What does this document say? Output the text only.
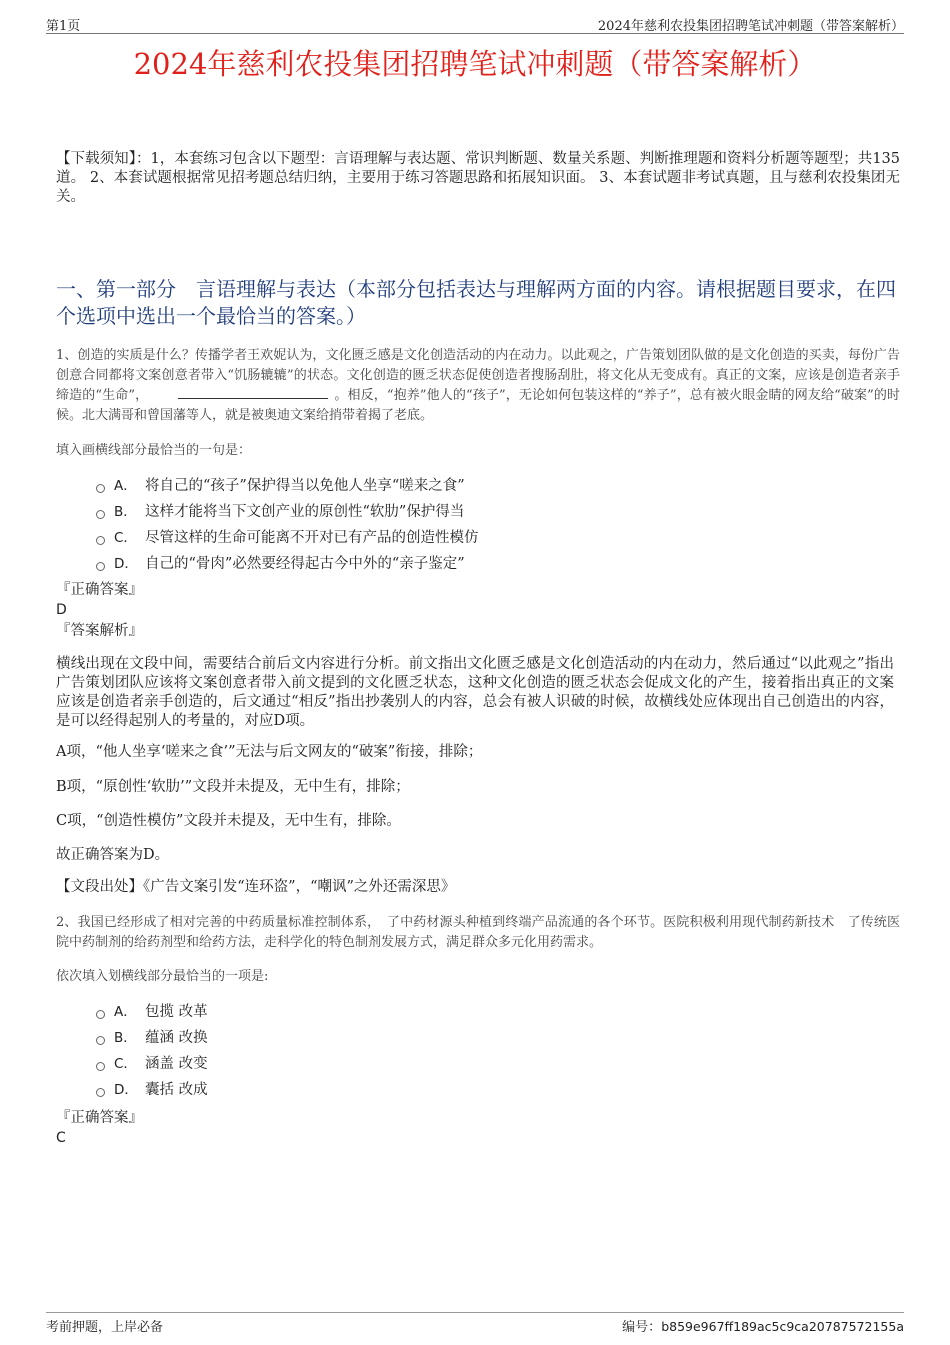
第1页	2024年慈利农投集团招聘笔试冲刺题（带答案解析）
2024年慈利农投集团招聘笔试冲刺题（带答案解析）
【下载须知】：1，本套练习包含以下题型：言语理解与表达题、常识判断题、数量关系题、判断推理题和资料分析题等题型；共135道。 2、本套试题根据常见招考题总结归纳，主要用于练习答题思路和拓展知识面。 3、本套试题非考试真题，且与慈利农投集团无关。
一、第一部分　言语理解与表达（本部分包括表达与理解两方面的内容。请根据题目要求，在四个选项中选出一个最恰当的答案。）
1、创造的实质是什么？传播学者王欢妮认为，文化匮乏感是文化创造活动的内在动力。以此观之，广告策划团队做的是文化创造的买卖，每份广告创意合同都将文案创意者带入“饥肠辘辘”的状态。文化创造的匮乏状态促使创造者搜肠刮肚，将文化从无变成有。真正的文案，应该是创造者亲手缔造的“生命”，	。相反，“抱养”他人的“孩子”，无论如何包装这样的“养子”，总有被火眼金睛的网友给“破案”的时候。北大满哥和曾国藩等人，就是被奥迪文案给捎带着揭了老底。
填入画横线部分最恰当的一句是：
A． 将自己的“孩子”保护得当以免他人坐享“嗟来之食”
B． 这样才能将当下文创产业的原创性“软肋”保护得当
C． 尽管这样的生命可能离不开对已有产品的创造性模仿
D． 自己的“骨肉”必然要经得起古今中外的“亲子鉴定”
『正确答案』
D
『答案解析』
横线出现在文段中间，需要结合前后文内容进行分析。前文指出文化匮乏感是文化创造活动的内在动力，然后通过“以此观之”指出广告策划团队应该将文案创意者带入前文提到的文化匮乏状态，这种文化创造的匮乏状态会促成文化的产生，接着指出真正的文案应该是创造者亲手创造的，后文通过“相反”指出抄袭别人的内容，总会有被人识破的时候，故横线处应体现出自己创造出的内容，是可以经得起别人的考量的，对应D项。
A项，“他人坐享‘嗟来之食’”无法与后文网友的“破案”衔接，排除；
B项，“原创性‘软肋’”文段并未提及，无中生有，排除；
C项，“创造性模仿”文段并未提及，无中生有，排除。
故正确答案为D。
【文段出处】《广告文案引发“连环盗”，“嘲讽”之外还需深思》
2、我国已经形成了相对完善的中药质量标准控制体系，　了中药材源头种植到终端产品流通的各个环节。医院积极利用现代制药新技术　了传统医院中药制剂的给药剂型和给药方法，走科学化的特色制剂发展方式，满足群众多元化用药需求。
依次填入划横线部分最恰当的一项是:
A． 包揽 改革
B． 蕴涵 改换
C． 涵盖 改变
D． 囊括 改成
『正确答案』
C
考前押题，上岸必备	编号：b859e967ff189ac5c9ca20787572155a
